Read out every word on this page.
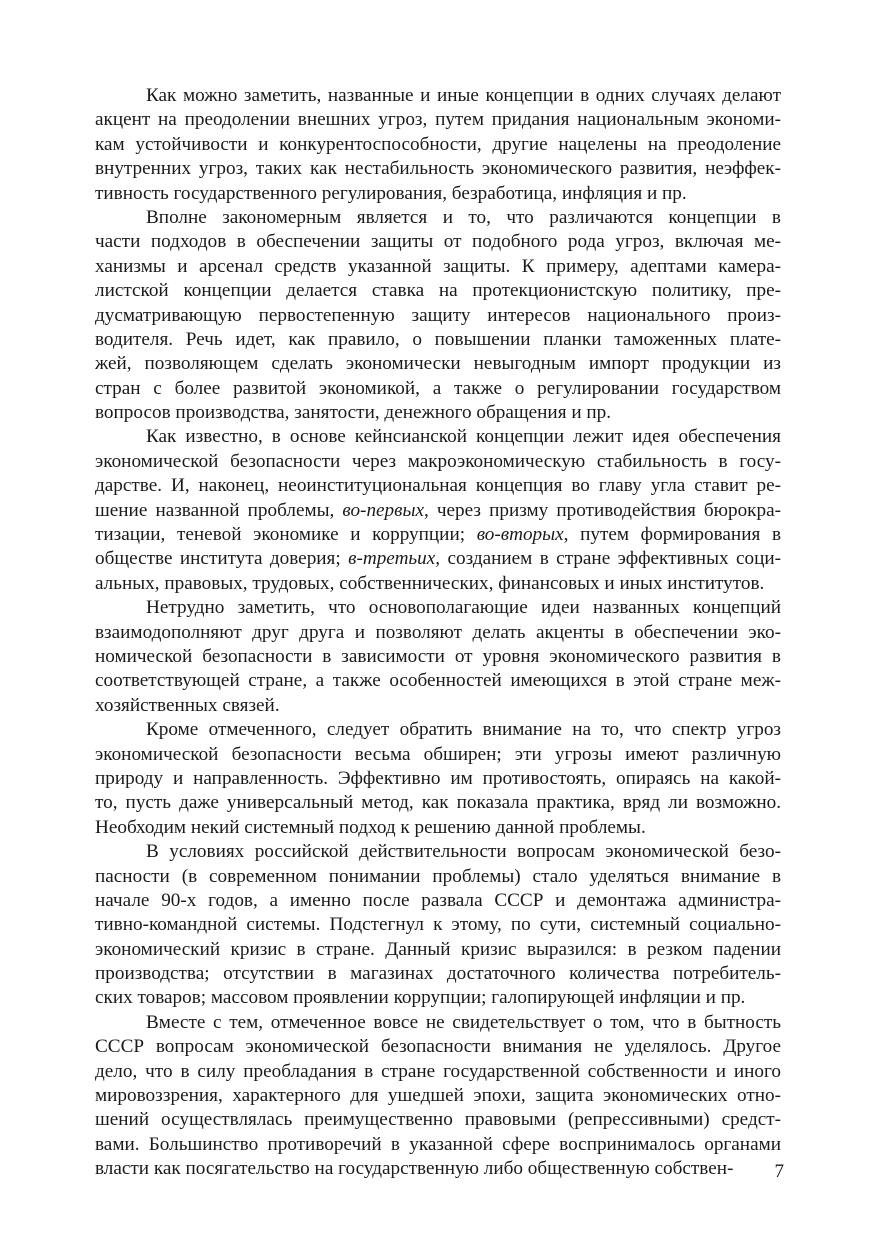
Как можно заметить, названные и иные концепции в одних случаях делают
акцент на преодолении внешних угроз, путем придания национальным экономи-
кам устойчивости и конкурентоспособности, другие нацелены на преодоление
внутренних угроз, таких как нестабильность экономического развития, неэффек-
тивность государственного регулирования, безработица, инфляция и пр.
Вполне закономерным является и то, что различаются концепции в
части подходов в обеспечении защиты от подобного рода угроз, включая ме-
ханизмы и арсенал средств указанной защиты. К примеру, адептами камера-
листской концепции делается ставка на протекционистскую политику, пре-
дусматривающую первостепенную защиту интересов национального произ-
водителя. Речь идет, как правило, о повышении планки таможенных плате-
жей, позволяющем сделать экономически невыгодным импорт продукции из
стран с более развитой экономикой, а также о регулировании государством
вопросов производства, занятости, денежного обращения и пр.
Как известно, в основе кейнсианской концепции лежит идея обеспечения
экономической безопасности через макроэкономическую стабильность в госу-
дарстве. И, наконец, неоинституциональная концепция во главу угла ставит ре-
шение названной проблемы, во-первых, через призму противодействия бюрокра-
тизации, теневой экономике и коррупции; во-вторых, путем формирования в
обществе института доверия; в-третьих, созданием в стране эффективных соци-
альных, правовых, трудовых, собственнических, финансовых и иных институтов.
Нетрудно заметить, что основополагающие идеи названных концепций
взаимодополняют друг друга и позволяют делать акценты в обеспечении эко-
номической безопасности в зависимости от уровня экономического развития в
соответствующей стране, а также особенностей имеющихся в этой стране меж-
хозяйственных связей.
Кроме отмеченного, следует обратить внимание на то, что спектр угроз
экономической безопасности весьма обширен; эти угрозы имеют различную
природу и направленность. Эффективно им противостоять, опираясь на какой-
то, пусть даже универсальный метод, как показала практика, вряд ли возможно.
Необходим некий системный подход к решению данной проблемы.
В условиях российской действительности вопросам экономической безо-
пасности (в современном понимании проблемы) стало уделяться внимание в
начале 90-х годов, а именно после развала СССР и демонтажа администра-
тивно-командной системы. Подстегнул к этому, по сути, системный социально-
экономический кризис в стране. Данный кризис выразился: в резком падении
производства; отсутствии в магазинах достаточного количества потребитель-
ских товаров; массовом проявлении коррупции; галопирующей инфляции и пр.
Вместе с тем, отмеченное вовсе не свидетельствует о том, что в бытность
СССР вопросам экономической безопасности внимания не уделялось. Другое
дело, что в силу преобладания в стране государственной собственности и иного
мировоззрения, характерного для ушедшей эпохи, защита экономических отно-
шений осуществлялась преимущественно правовыми (репрессивными) средст-
вами. Большинство противоречий в указанной сфере воспринималось органами
власти как посягательство на государственную либо общественную собствен-	7
